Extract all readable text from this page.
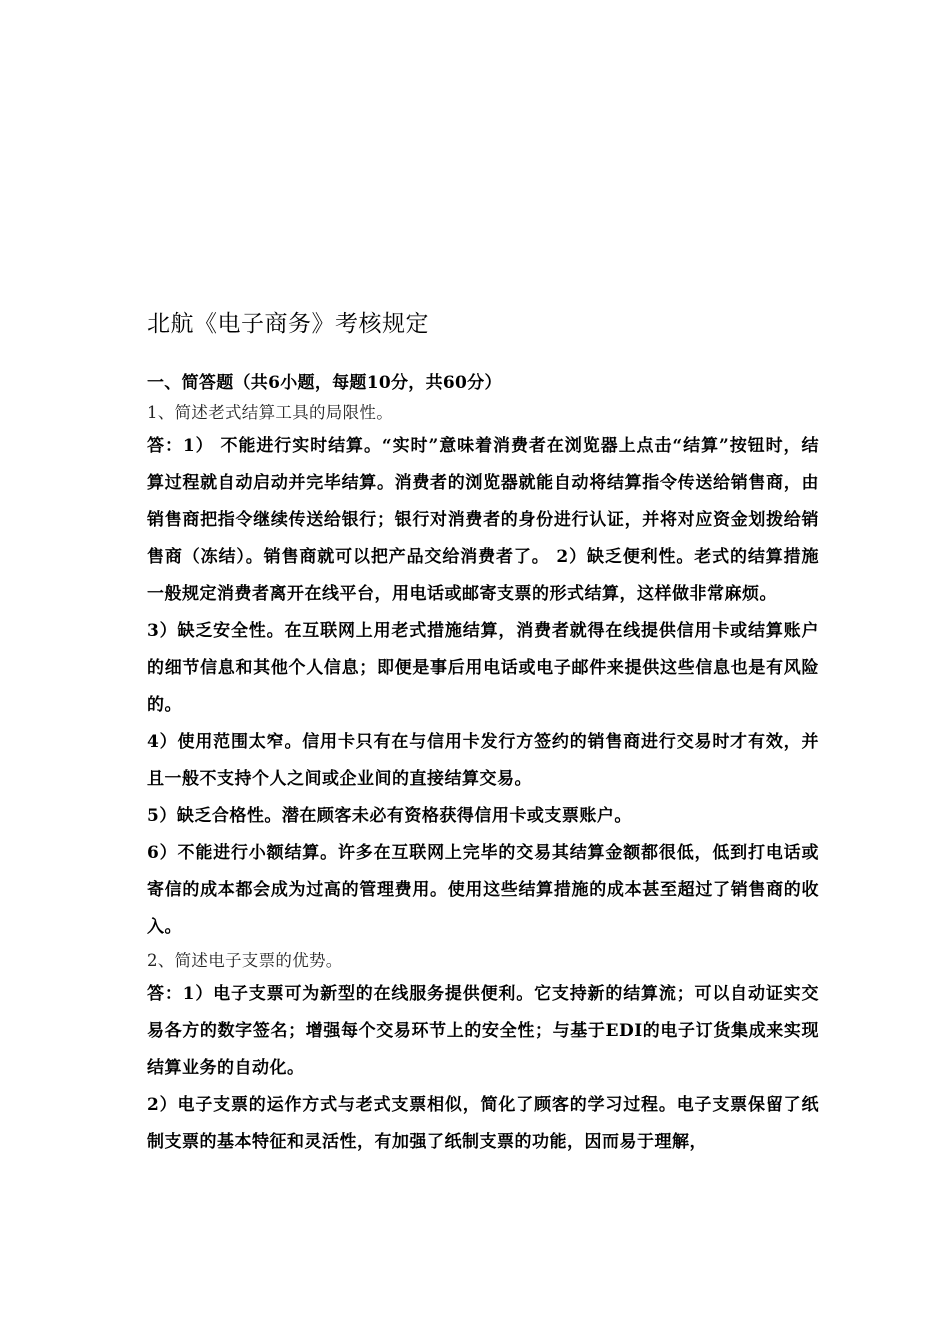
北航《电子商务》考核规定

一、简答题（共6小题，每题10分，共60分）

1、简述老式结算工具的局限性。

答：1） 不能进行实时结算。“实时”意味着消费者在浏览器上点击“结算”按钮时，结算过程就自动启动并完毕结算。消费者的浏览器就能自动将结算指令传送给销售商，由销售商把指令继续传送给银行；银行对消费者的身份进行认证，并将对应资金划拨给销售商（冻结）。销售商就可以把产品交给消费者了。 2）缺乏便利性。老式的结算措施一般规定消费者离开在线平台，用电话或邮寄支票的形式结算，这样做非常麻烦。

3）缺乏安全性。在互联网上用老式措施结算，消费者就得在线提供信用卡或结算账户的细节信息和其他个人信息；即便是事后用电话或电子邮件来提供这些信息也是有风险的。

4）使用范围太窄。信用卡只有在与信用卡发行方签约的销售商进行交易时才有效，并且一般不支持个人之间或企业间的直接结算交易。

5）缺乏合格性。潜在顾客未必有资格获得信用卡或支票账户。

6）不能进行小额结算。许多在互联网上完毕的交易其结算金额都很低，低到打电话或寄信的成本都会成为过高的管理费用。使用这些结算措施的成本甚至超过了销售商的收入。

2、简述电子支票的优势。

答：1）电子支票可为新型的在线服务提供便利。它支持新的结算流；可以自动证实交易各方的数字签名；增强每个交易环节上的安全性；与基于EDI的电子订货集成来实现结算业务的自动化。

2）电子支票的运作方式与老式支票相似，简化了顾客的学习过程。电子支票保留了纸制支票的基本特征和灵活性，有加强了纸制支票的功能，因而易于理解，
